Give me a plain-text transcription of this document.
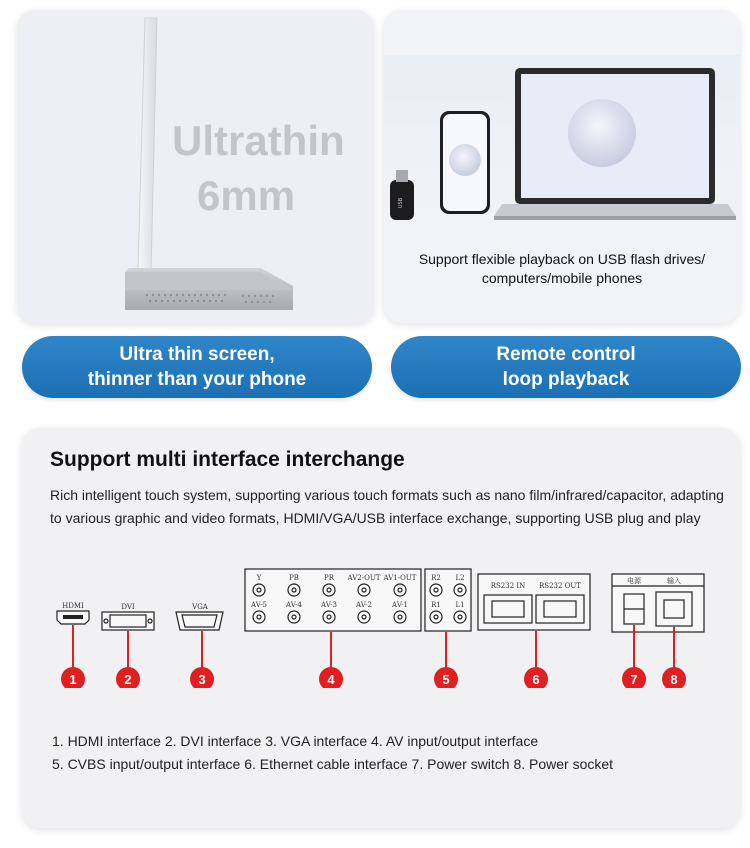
Ultrathin
6mm	USB
Support flexible playback on USB flash drives/
computers/mobile phones
Ultra thin screen,
thinner than your phone
Remote control
loop playback
Support multi interface interchange
Rich intelligent touch system, supporting various touch formats such as nano film/infrared/capacitor, adapting to various graphic and video formats, HDMI/VGA/USB interface exchange, supporting USB plug and play
HDMI	DVI	VGA
Y	PB	PR AV2-OUT AV1-OUT
AV-5	AV-4	AV-3	AV-2	AV-1
R2 L2
R1 L1
RS232 IN RS232 OUT
电源	输入
1	2	3	4	5	6	7	8
1. HDMI interface 2. DVI interface 3. VGA interface 4. AV input/output interface
5. CVBS input/output interface 6. Ethernet cable interface 7. Power switch 8. Power socket
